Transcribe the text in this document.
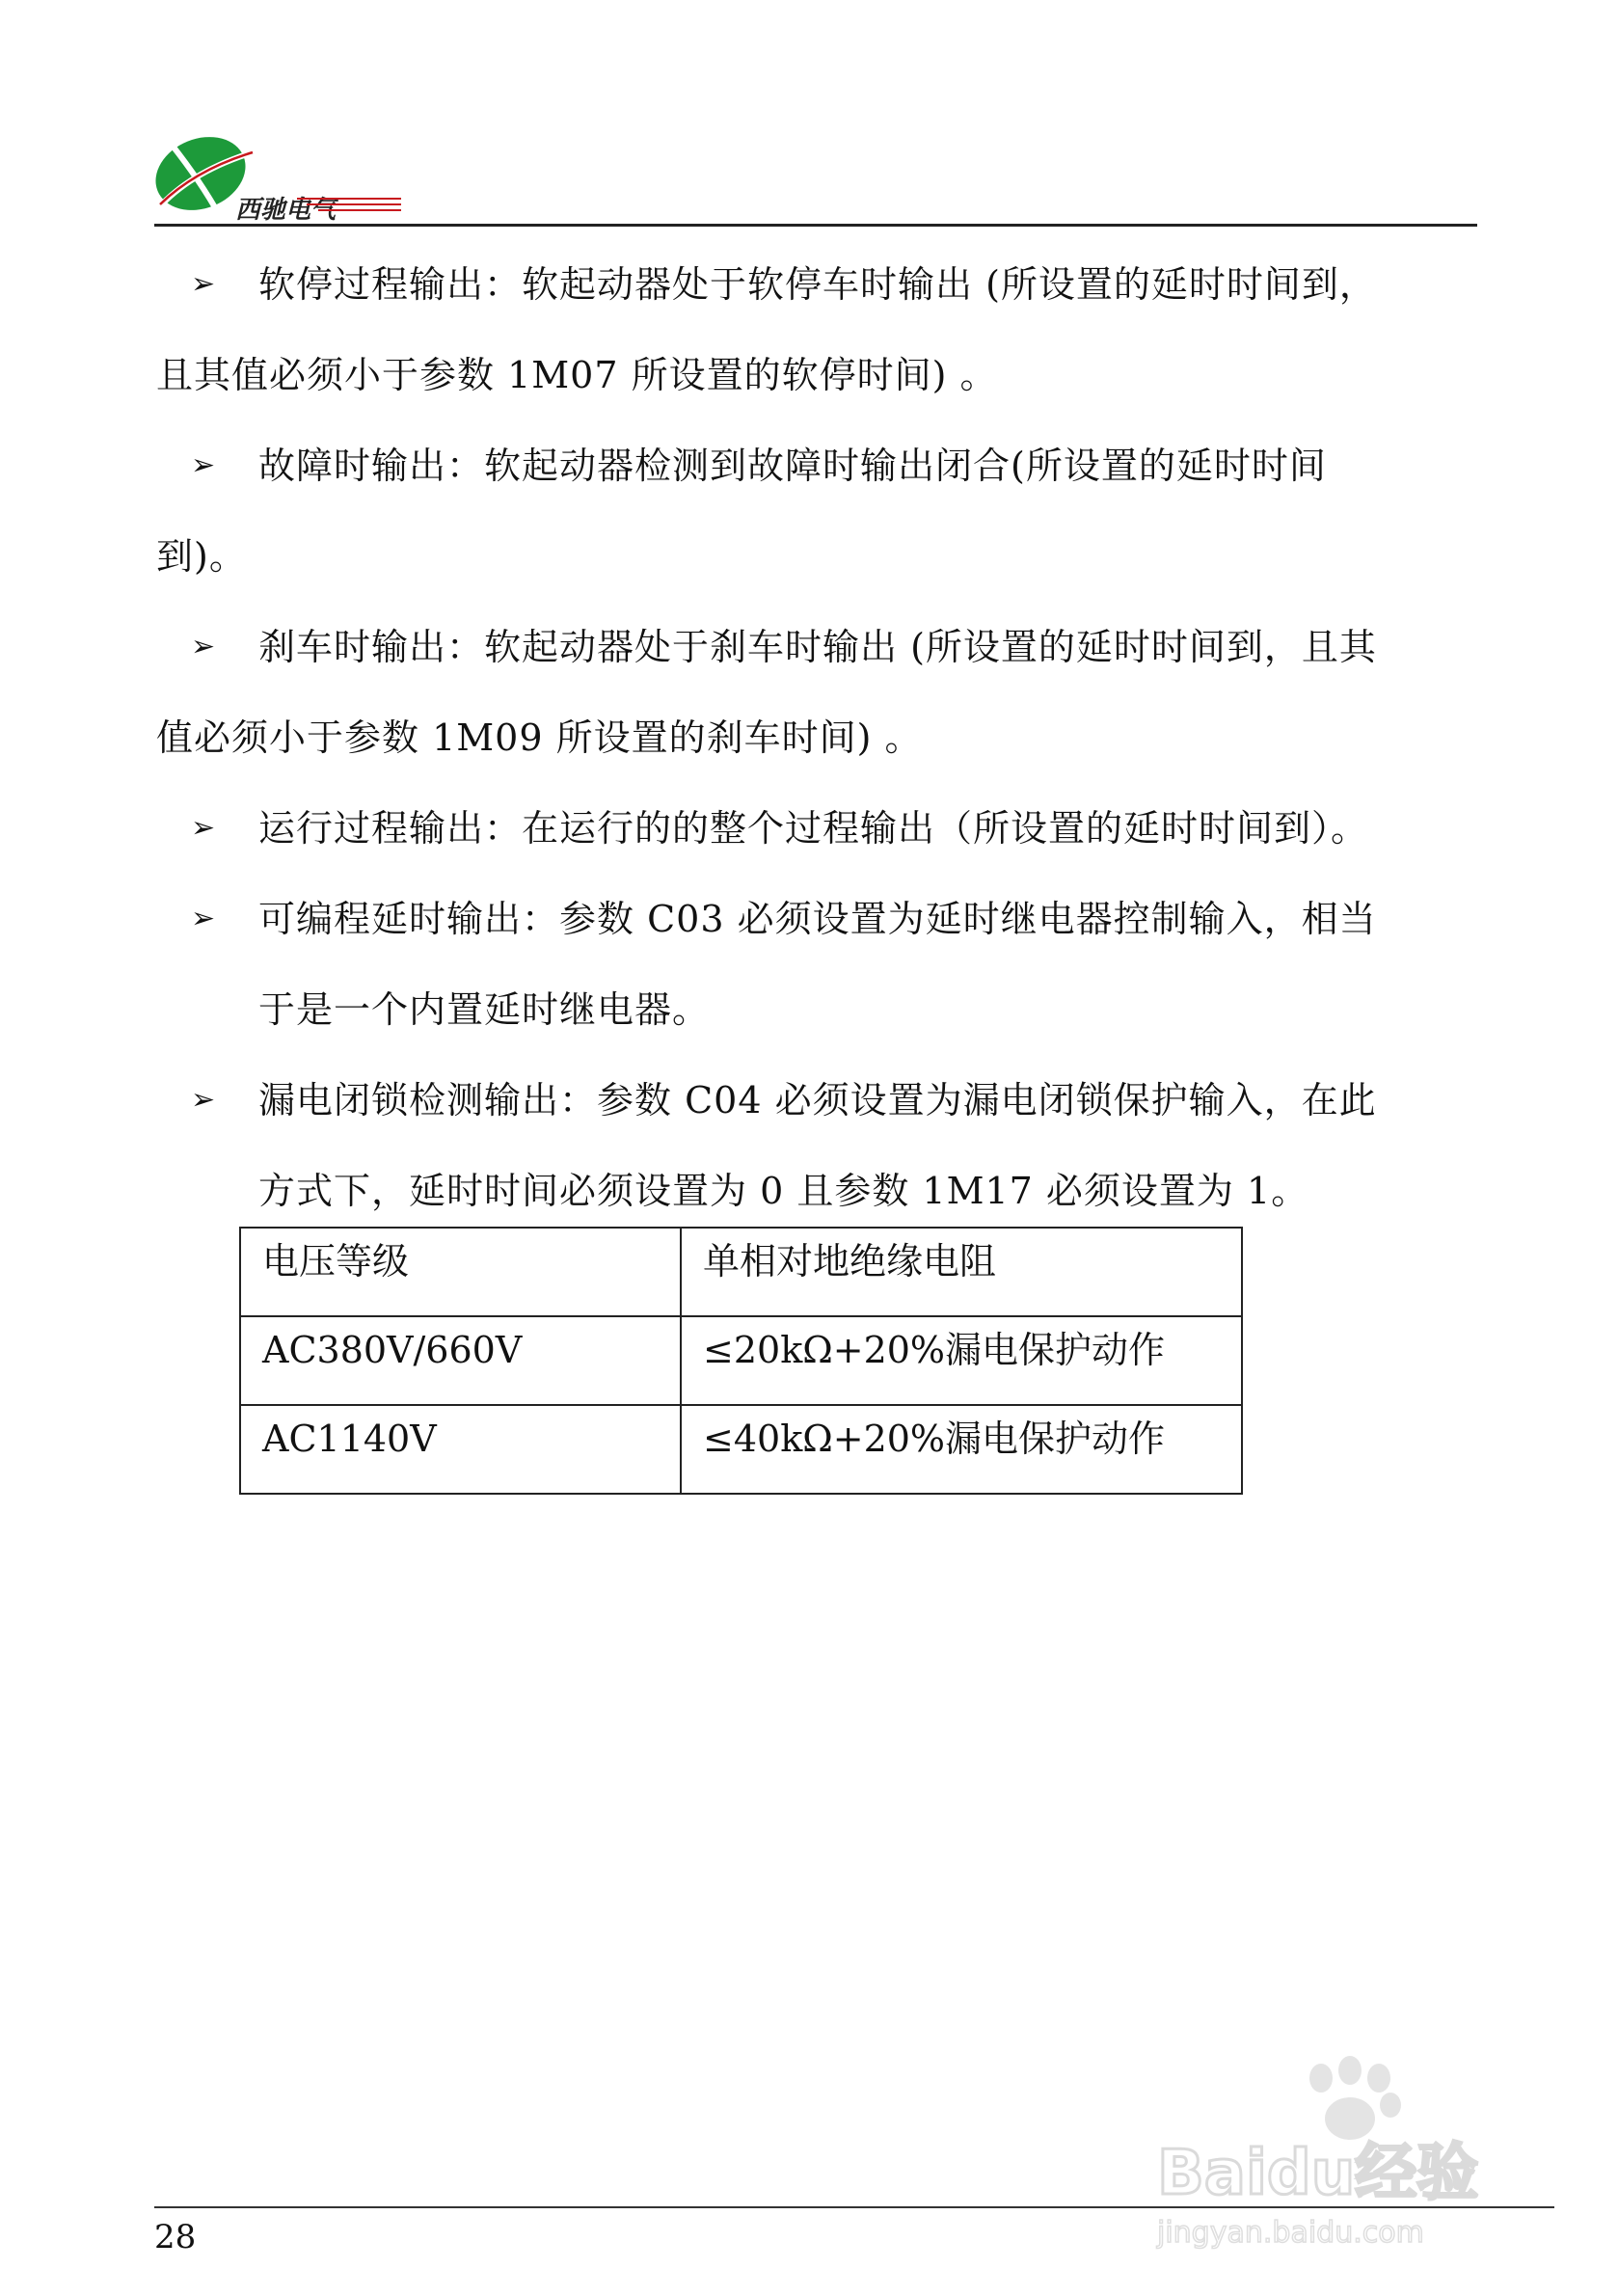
西驰电气
➢	软停过程输出：软起动器处于软停车时输出 (所设置的延时时间到，

且其值必须小于参数 1M07 所设置的软停时间) 。

➢	故障时输出：软起动器检测到故障时输出闭合(所设置的延时时间

到)。

➢	刹车时输出：软起动器处于刹车时输出 (所设置的延时时间到，且其

值必须小于参数 1M09 所设置的刹车时间) 。

➢	运行过程输出：在运行的的整个过程输出（所设置的延时时间到）。
➢	可编程延时输出：参数 C03 必须设置为延时继电器控制输入，相当

于是一个内置延时继电器。

➢	漏电闭锁检测输出：参数 C04 必须设置为漏电闭锁保护输入，在此

方式下，延时时间必须设置为 0 且参数 1M17 必须设置为 1。

电压等级	单相对地绝缘电阻
AC380V/660V	≤20kΩ+20%漏电保护动作
AC1140V	≤40kΩ+20%漏电保护动作
Baidu经验
jingyan.baidu.com
28
